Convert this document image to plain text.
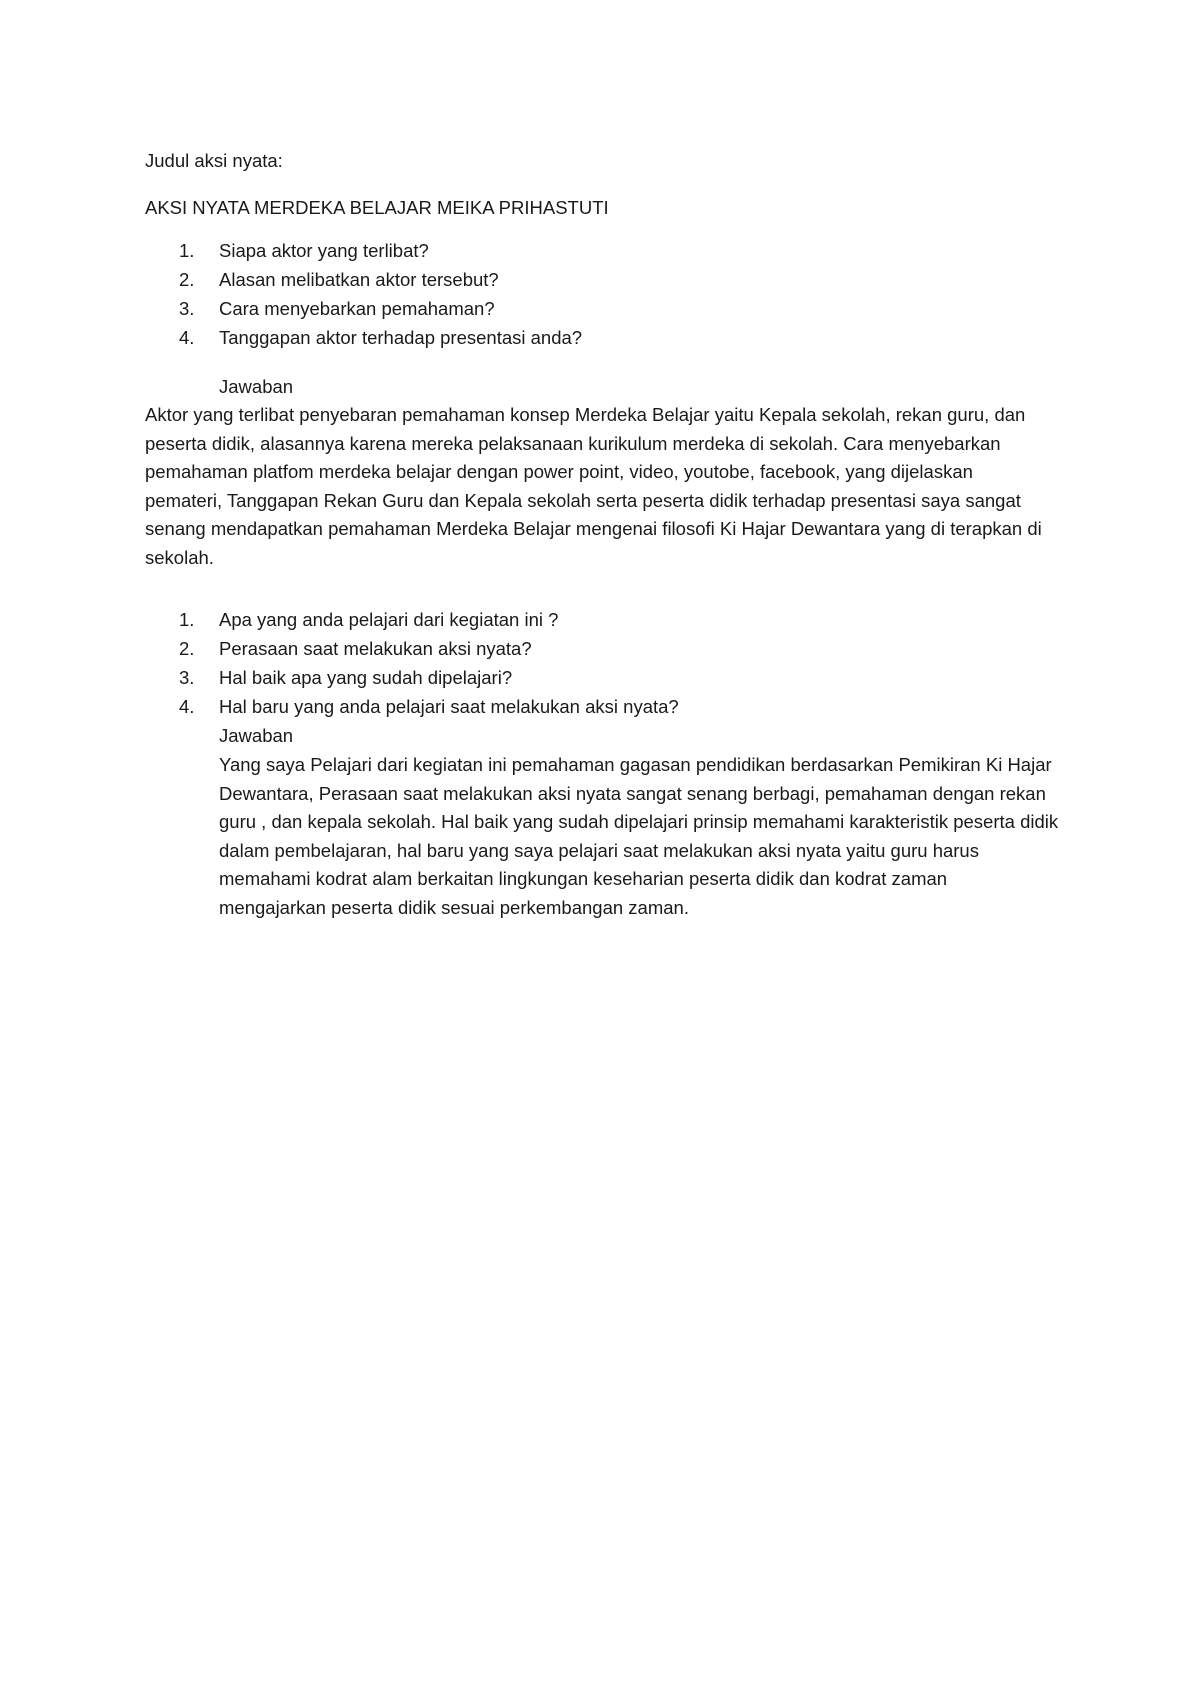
Judul aksi nyata:

AKSI NYATA MERDEKA BELAJAR MEIKA PRIHASTUTI

1.	Siapa aktor yang terlibat?
2.	Alasan melibatkan aktor tersebut?
3.	Cara menyebarkan pemahaman?
4.	Tanggapan aktor terhadap presentasi anda?

Jawaban

Aktor yang terlibat penyebaran pemahaman konsep Merdeka Belajar yaitu Kepala sekolah, rekan guru, dan peserta didik, alasannya karena mereka pelaksanaan kurikulum merdeka di sekolah. Cara menyebarkan pemahaman platfom merdeka belajar dengan power point, video, youtobe, facebook, yang dijelaskan pemateri, Tanggapan Rekan Guru dan Kepala sekolah serta peserta didik terhadap presentasi saya sangat senang mendapatkan pemahaman Merdeka Belajar mengenai filosofi Ki Hajar Dewantara yang di terapkan di sekolah.

1.	Apa yang anda pelajari dari kegiatan ini ?
2.	Perasaan saat melakukan aksi nyata?
3.	Hal baik apa yang sudah dipelajari?
4.	Hal baru yang anda pelajari saat melakukan aksi nyata?

Jawaban

Yang saya Pelajari dari kegiatan ini pemahaman gagasan pendidikan berdasarkan Pemikiran Ki Hajar Dewantara, Perasaan saat melakukan aksi nyata sangat senang berbagi, pemahaman dengan rekan guru , dan kepala sekolah. Hal baik yang sudah dipelajari prinsip memahami karakteristik peserta didik dalam pembelajaran, hal baru yang saya pelajari saat melakukan aksi nyata yaitu guru harus memahami kodrat alam berkaitan lingkungan keseharian peserta didik dan kodrat zaman mengajarkan peserta didik sesuai perkembangan zaman.
